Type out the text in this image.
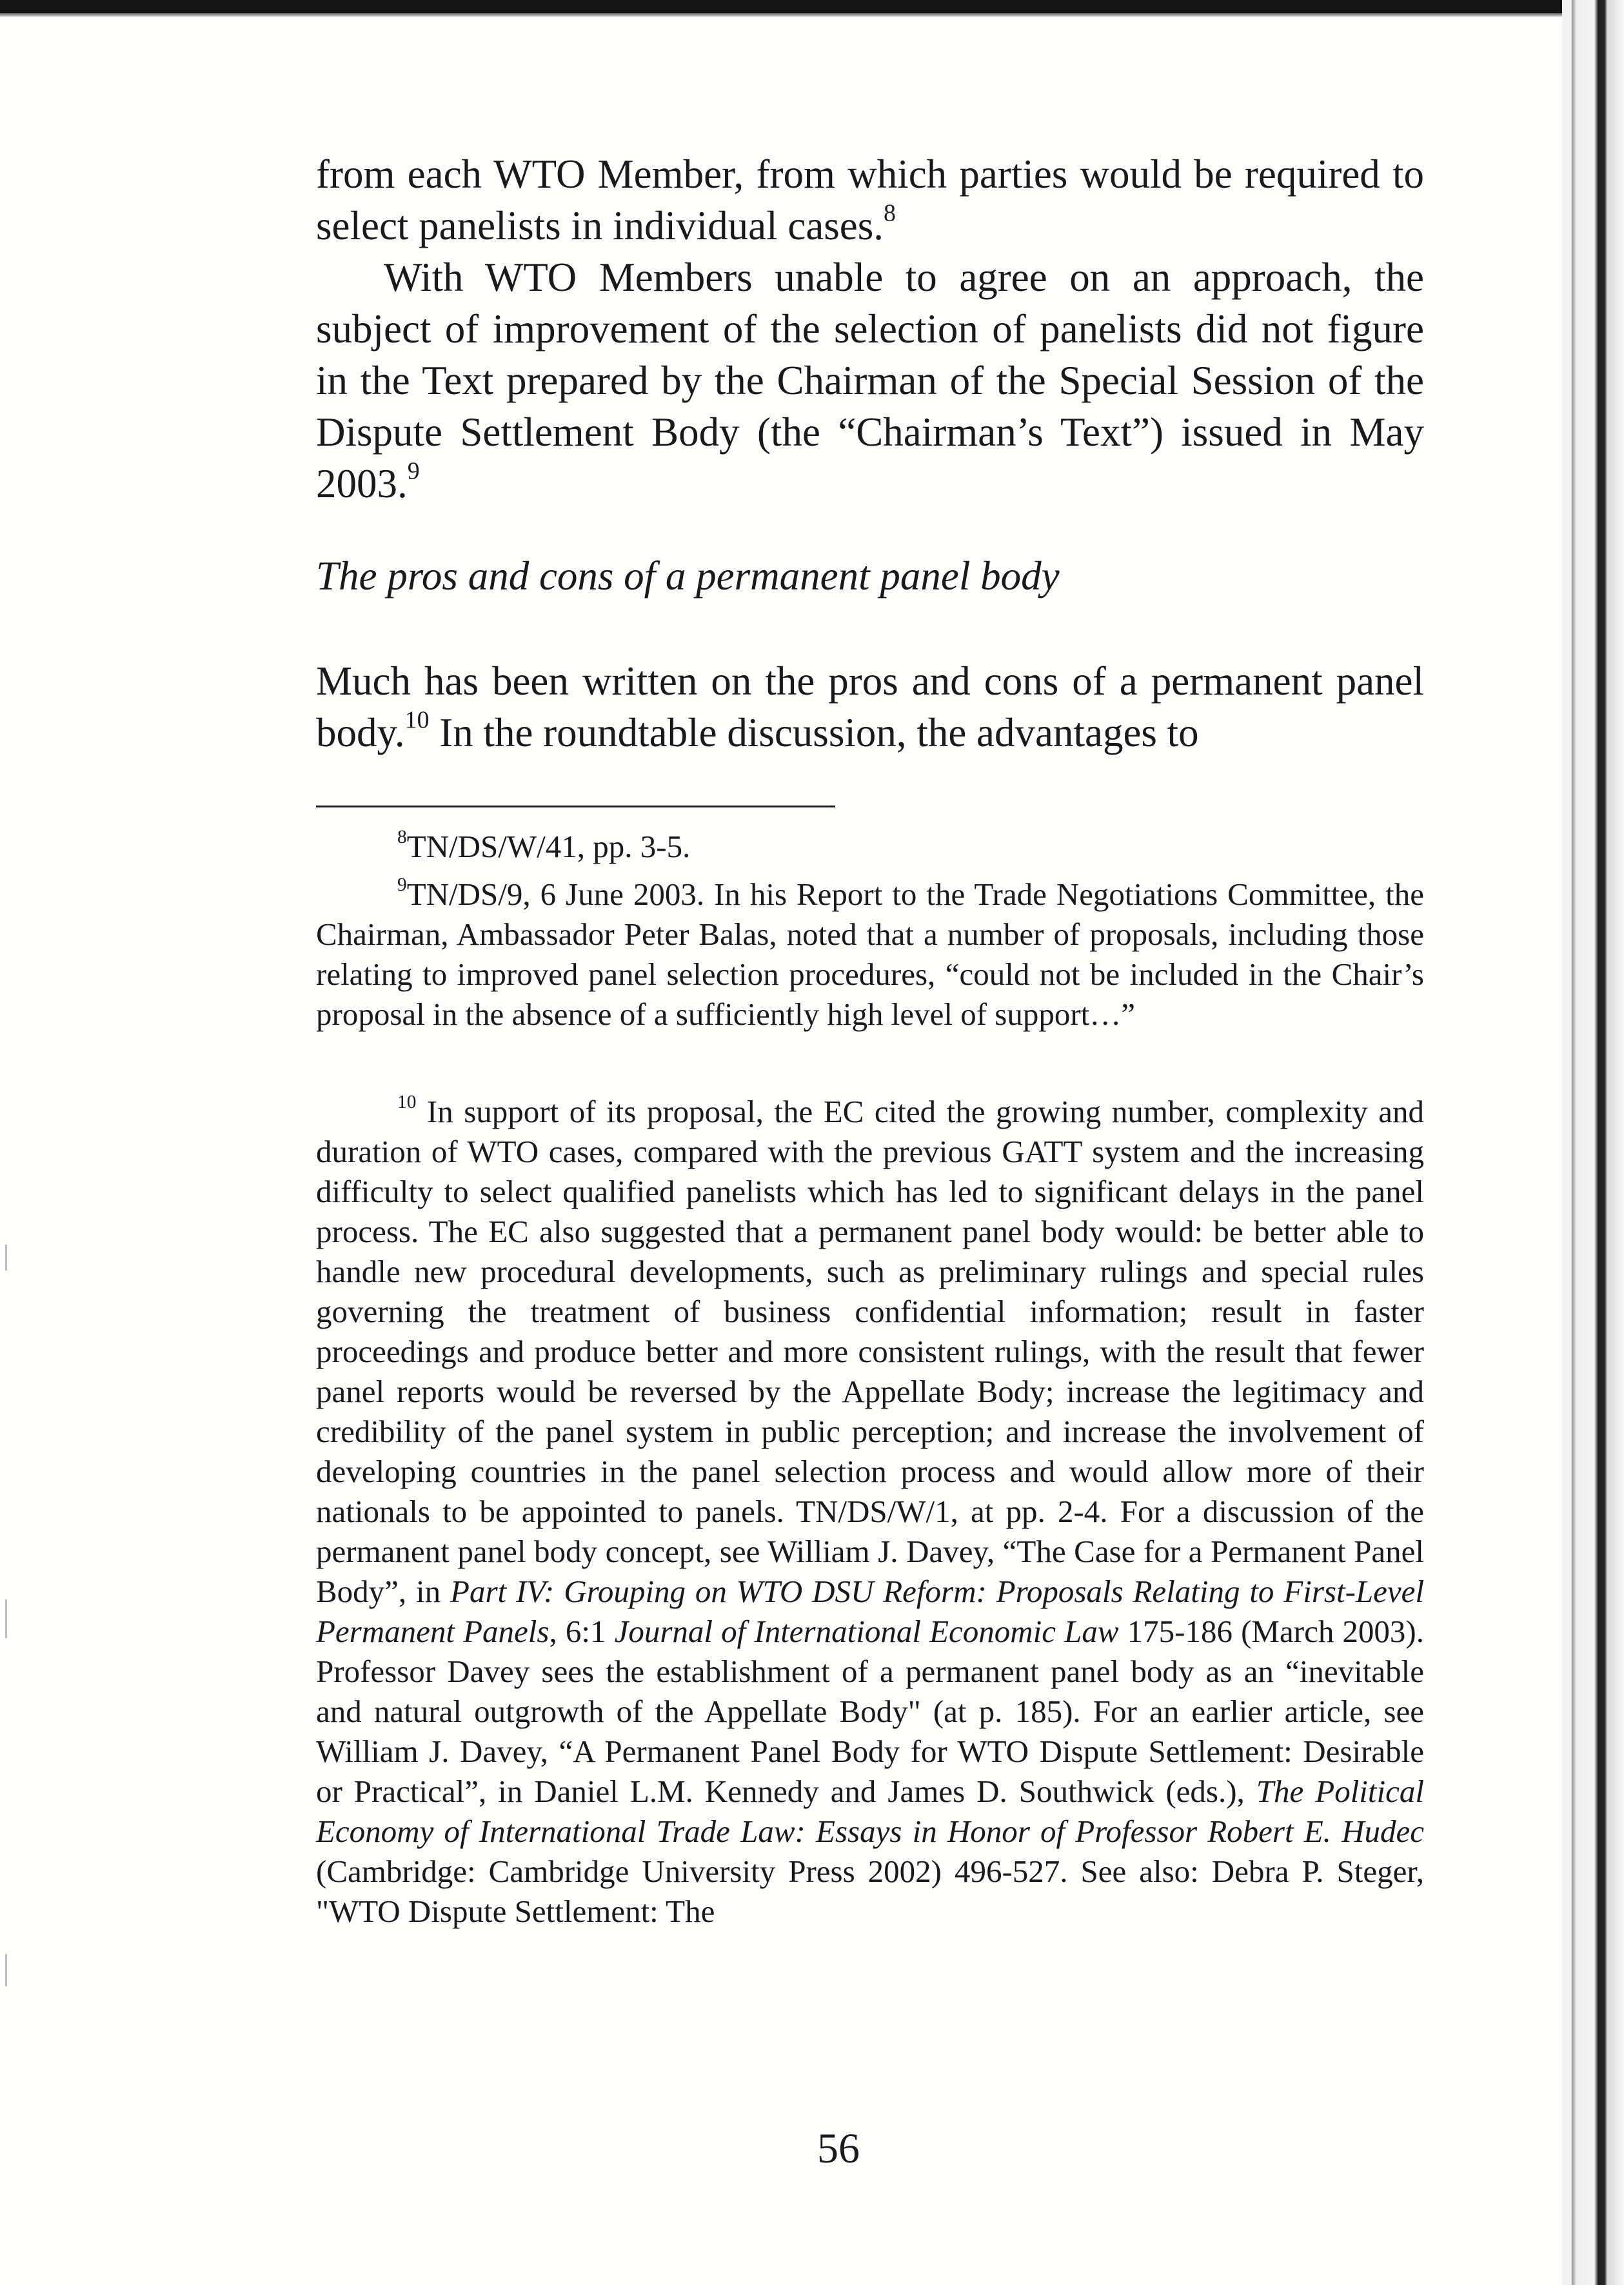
from each WTO Member, from which parties would be required to select panelists in individual cases.$^8$

With WTO Members unable to agree on an approach, the subject of improvement of the selection of panelists did not figure in the Text prepared by the Chairman of the Special Session of the Dispute Settlement Body (the “Chairman’s Text”) issued in May 2003.$^9$

The pros and cons of a permanent panel body

Much has been written on the pros and cons of a permanent panel body.$^{10}$ In the roundtable discussion, the advantages to

$^8$TN/DS/W/41, pp. 3-5.

$^9$TN/DS/9, 6 June 2003. In his Report to the Trade Negotiations Committee, the Chairman, Ambassador Peter Balas, noted that a number of proposals, including those relating to improved panel selection procedures, “could not be included in the Chair’s proposal in the absence of a sufficiently high level of support…”

$^{10}$ In support of its proposal, the EC cited the growing number, complexity and duration of WTO cases, compared with the previous GATT system and the increasing difficulty to select qualified panelists which has led to significant delays in the panel process. The EC also suggested that a permanent panel body would: be better able to handle new procedural developments, such as preliminary rulings and special rules governing the treatment of business confidential information; result in faster proceedings and produce better and more consistent rulings, with the result that fewer panel reports would be reversed by the Appellate Body; increase the legitimacy and credibility of the panel system in public perception; and increase the involvement of developing countries in the panel selection process and would allow more of their nationals to be appointed to panels. TN/DS/W/1, at pp. 2-4. For a discussion of the permanent panel body concept, see William J. Davey, “The Case for a Permanent Panel Body”, in Part IV: Grouping on WTO DSU Reform: Proposals Relating to First-Level Permanent Panels, 6:1 Journal of International Economic Law 175-186 (March 2003). Professor Davey sees the establishment of a permanent panel body as an “inevitable and natural outgrowth of the Appellate Body" (at p. 185). For an earlier article, see William J. Davey, “A Permanent Panel Body for WTO Dispute Settlement: Desirable or Practical”, in Daniel L.M. Kennedy and James D. Southwick (eds.), The Political Economy of International Trade Law: Essays in Honor of Professor Robert E. Hudec (Cambridge: Cambridge University Press 2002) 496-527. See also: Debra P. Steger, "WTO Dispute Settlement: The

56
